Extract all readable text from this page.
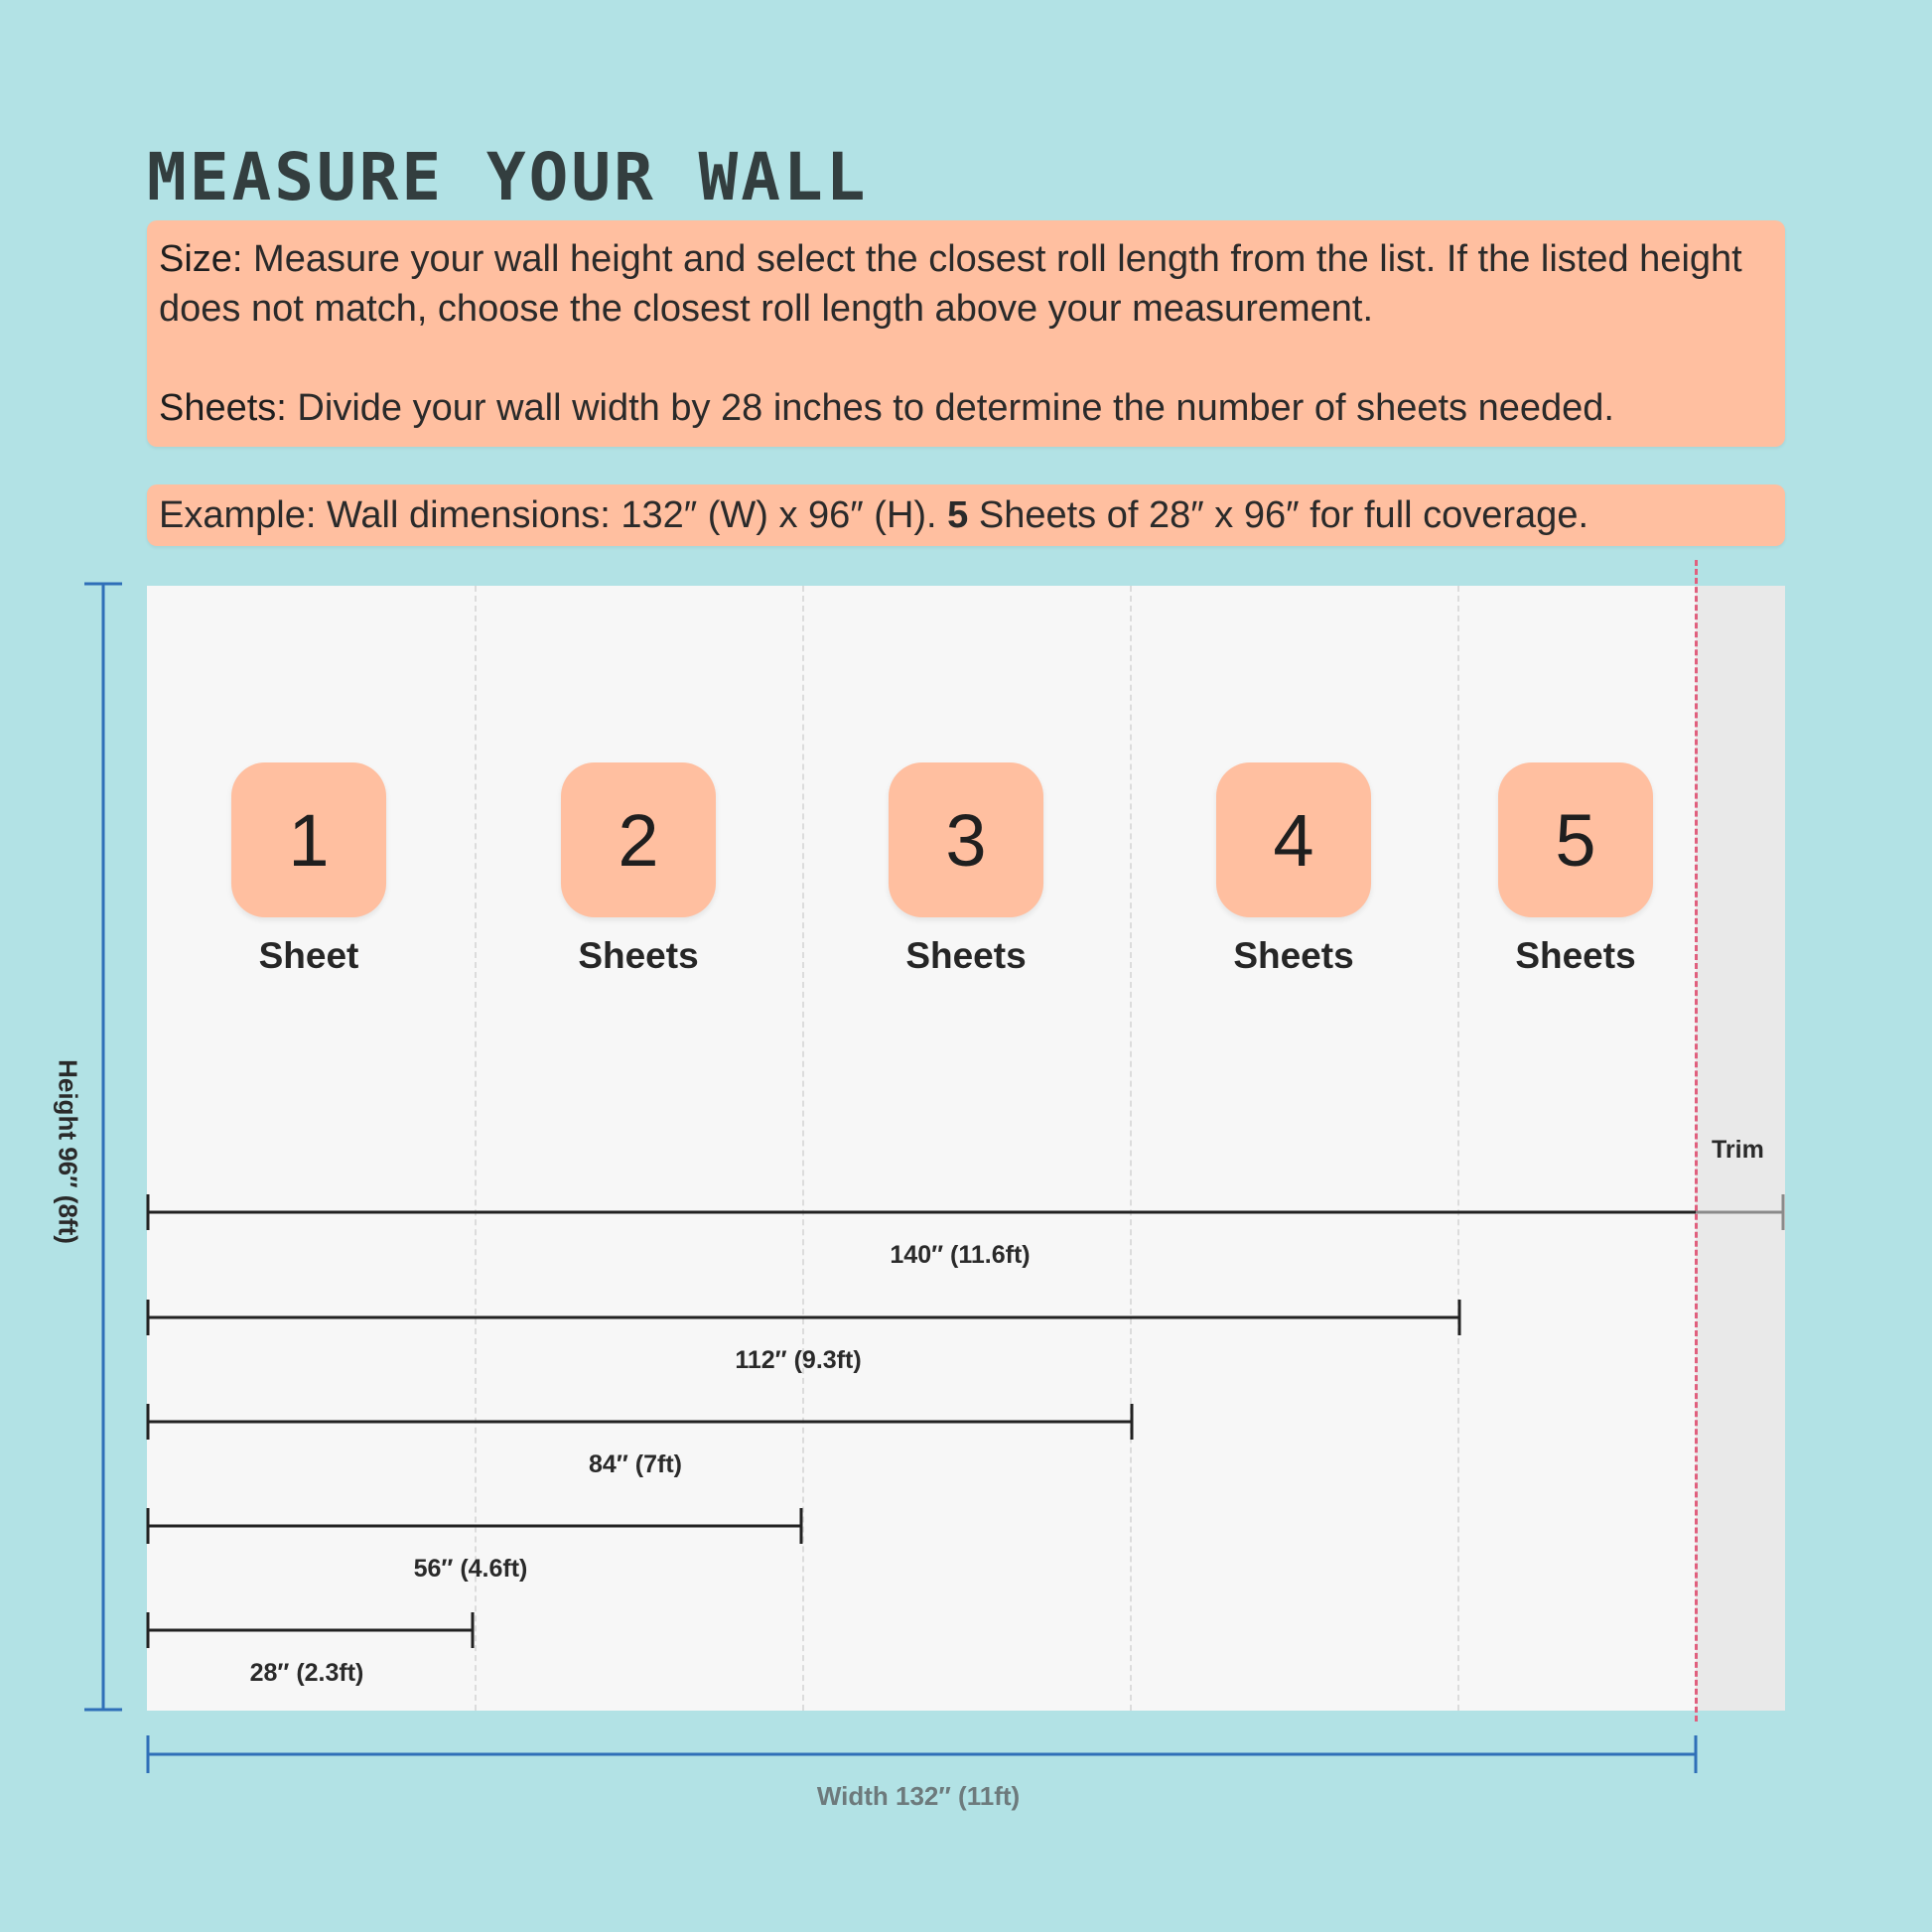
MEASURE YOUR WALL

Size: Measure your wall height and select the closest roll length from the list. If the listed height does not match, choose the closest roll length above your measurement.

Sheets: Divide your wall width by 28 inches to determine the number of sheets needed.

Example: Wall dimensions: 132″ (W) x 96″ (H). 5 Sheets of 28″ x 96″ for full coverage.
1
Sheet
2
Sheets
3
Sheets
4
Sheets
5
Sheets
140″ (11.6ft)
112″ (9.3ft)
84″ (7ft)
56″ (4.6ft)
28″ (2.3ft)
Trim
Height 96″ (8ft)
Width 132″ (11ft)
